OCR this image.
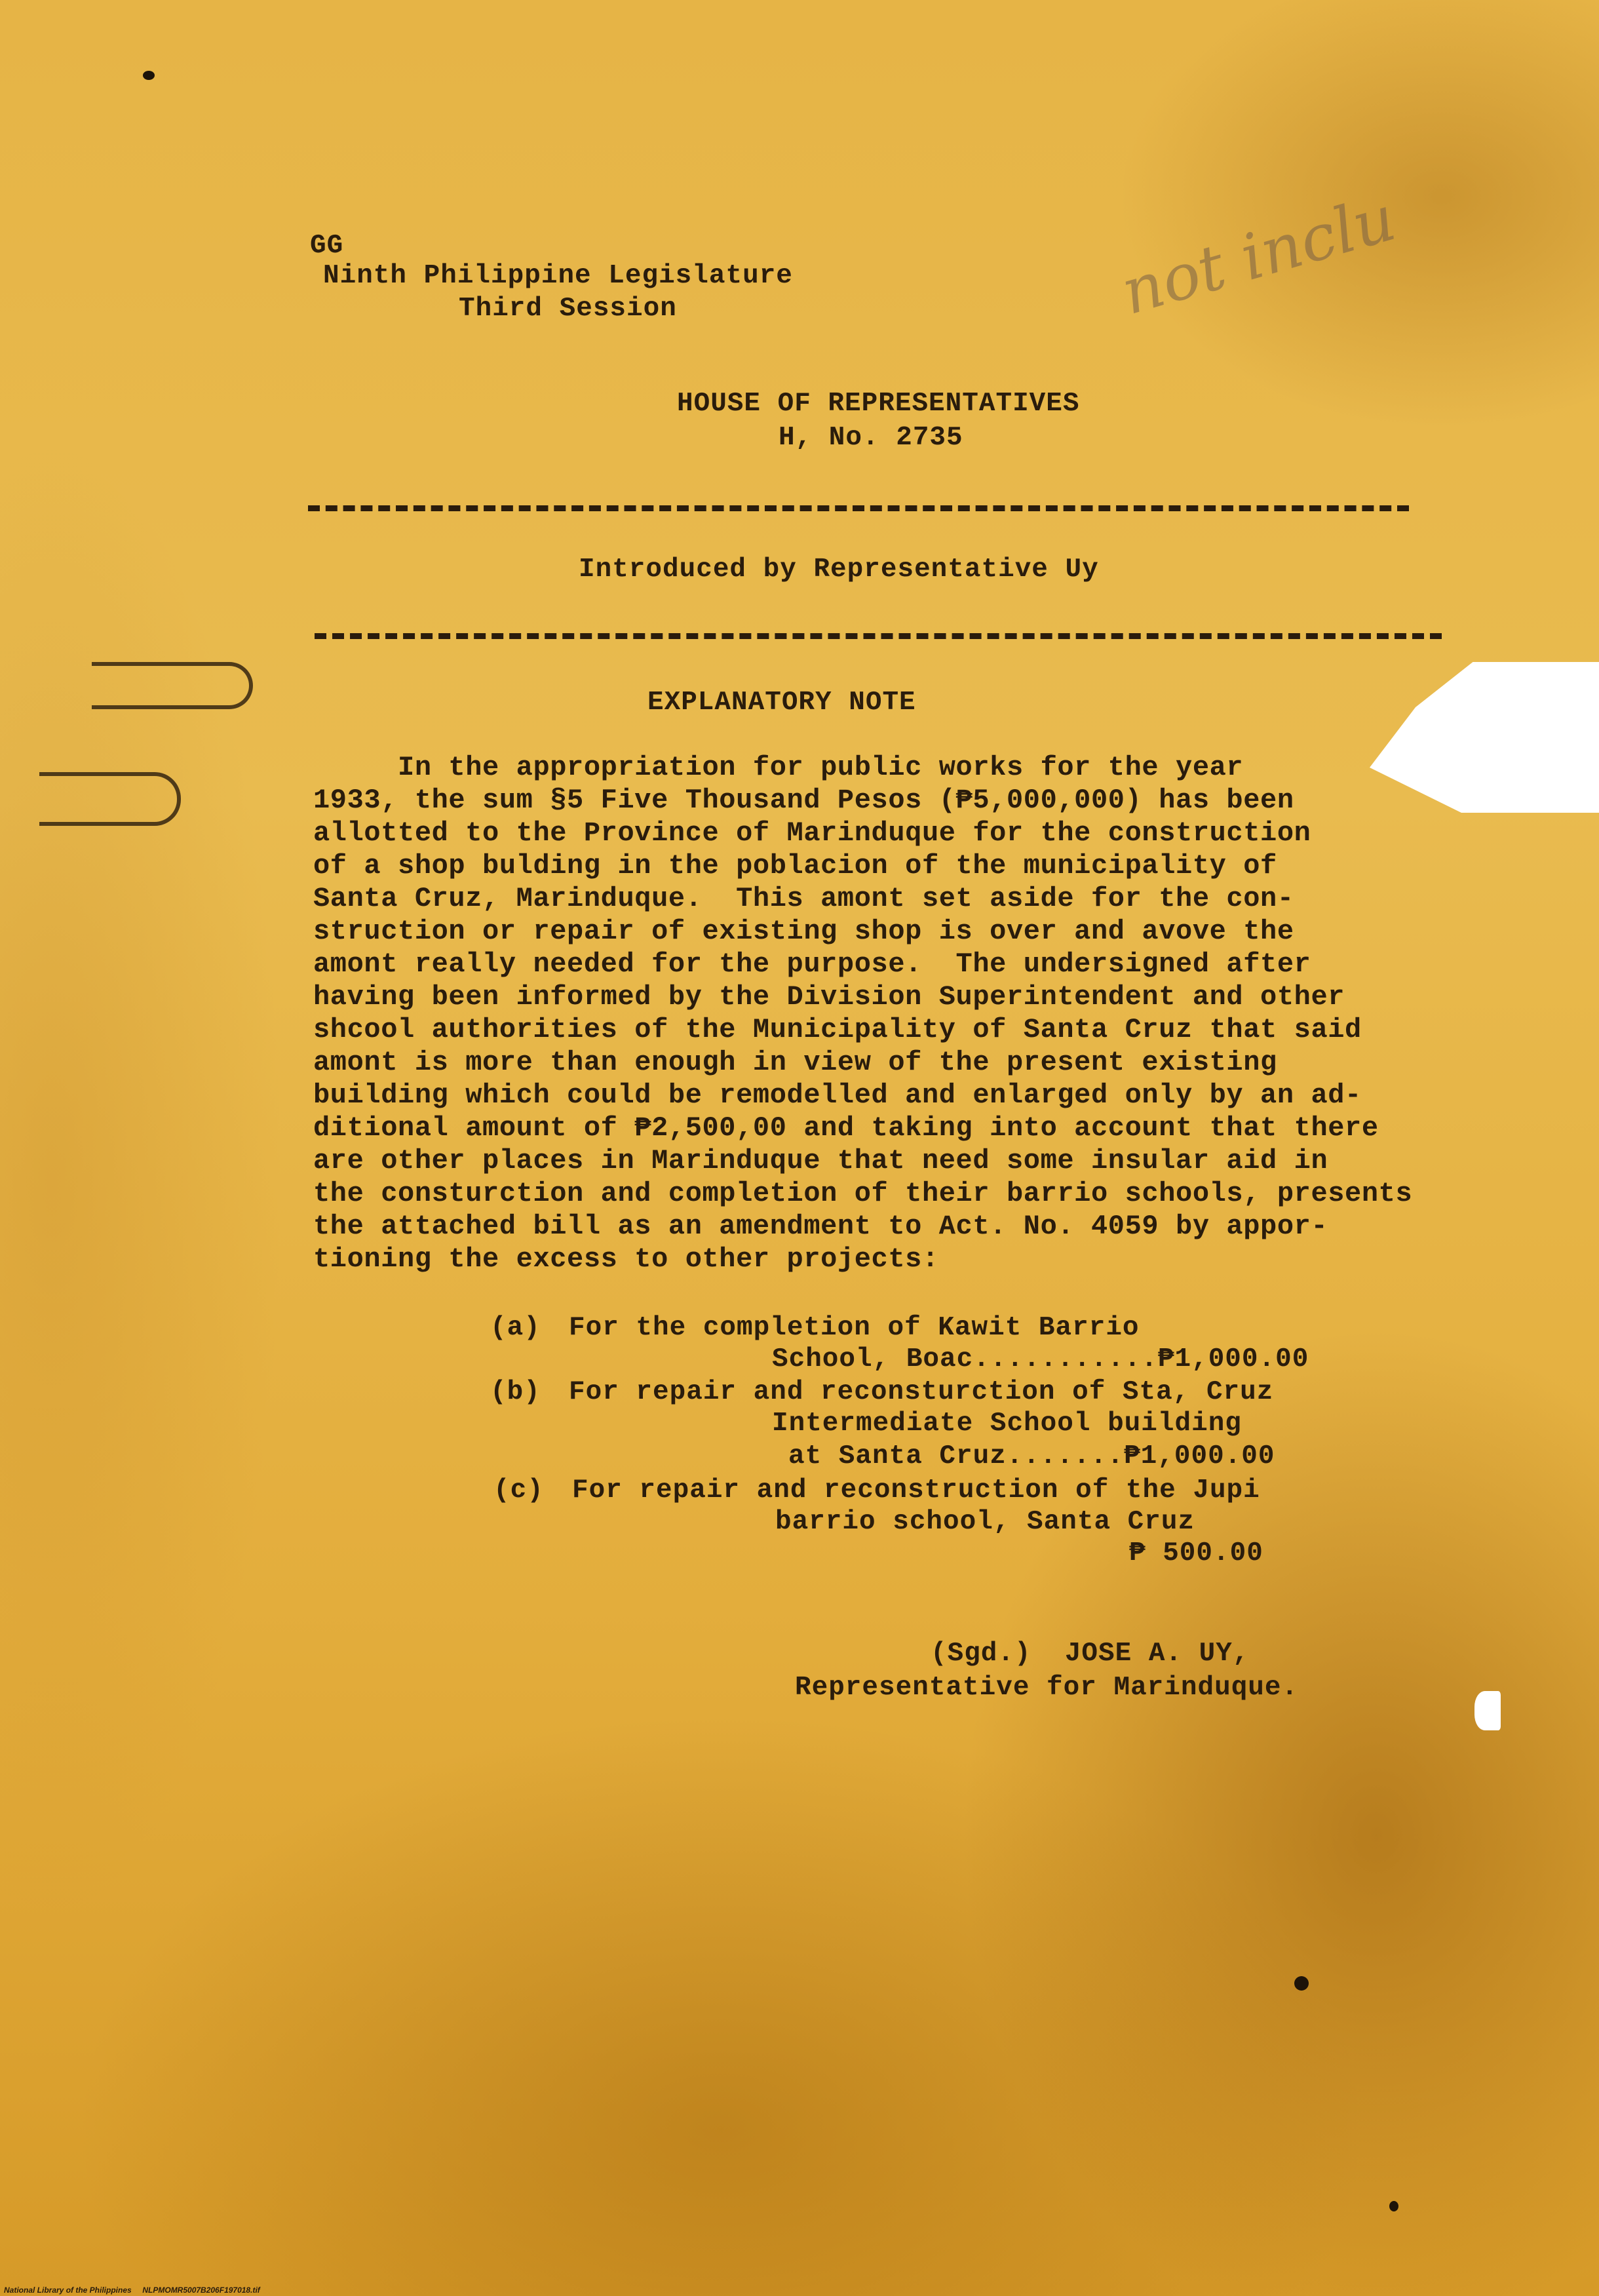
not inclu
GG
Ninth Philippine Legislature
Third Session
HOUSE OF REPRESENTATIVES
H, No. 2735
Introduced by Representative Uy
EXPLANATORY NOTE
In the appropriation for public works for the year
1933, the sum §5 Five Thousand Pesos (₱5,000,000) has been
allotted to the Province of Marinduque for the construction
of a shop bulding in the poblacion of the municipality of
Santa Cruz, Marinduque.  This amont set aside for the con-
struction or repair of existing shop is over and avove the
amont really needed for the purpose.  The undersigned after
having been informed by the Division Superintendent and other
shcool authorities of the Municipality of Santa Cruz that said
amont is more than enough in view of the present existing
building which could be remodelled and enlarged only by an ad-
ditional amount of ₱2,500,00 and taking into account that there
are other places in Marinduque that need some insular aid in
the consturction and completion of their barrio schools, presents
the attached bill as an amendment to Act. No. 4059 by appor-
tioning the excess to other projects:
(a) For the completion of Kawit Barrio
School, Boac...........₱1,000.00
(b) For repair and reconsturction of Sta, Cruz
Intermediate School building
at Santa Cruz.......₱1,000.00
(c) For repair and reconstruction of the Jupi
barrio school, Santa Cruz
₱ 500.00
(Sgd.)  JOSE A. UY,
Representative for Marinduque.
National Library of the Philippines     NLPMOMR5007B206F197018.tif
